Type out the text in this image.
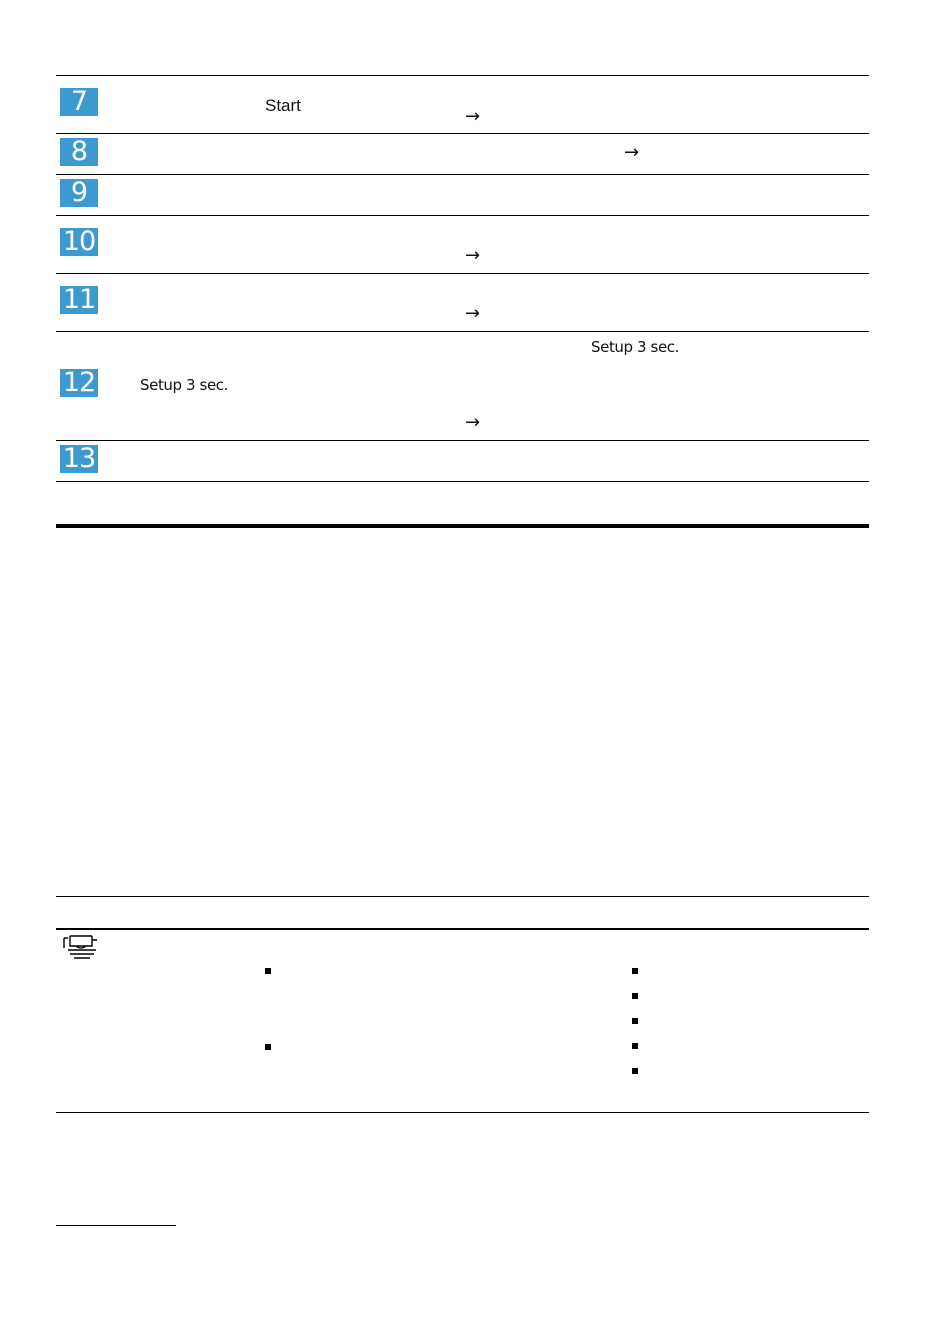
7
8
9
10
11
12
13
Start
→
→
→
→
Setup 3 sec.
Setup 3 sec.
→
